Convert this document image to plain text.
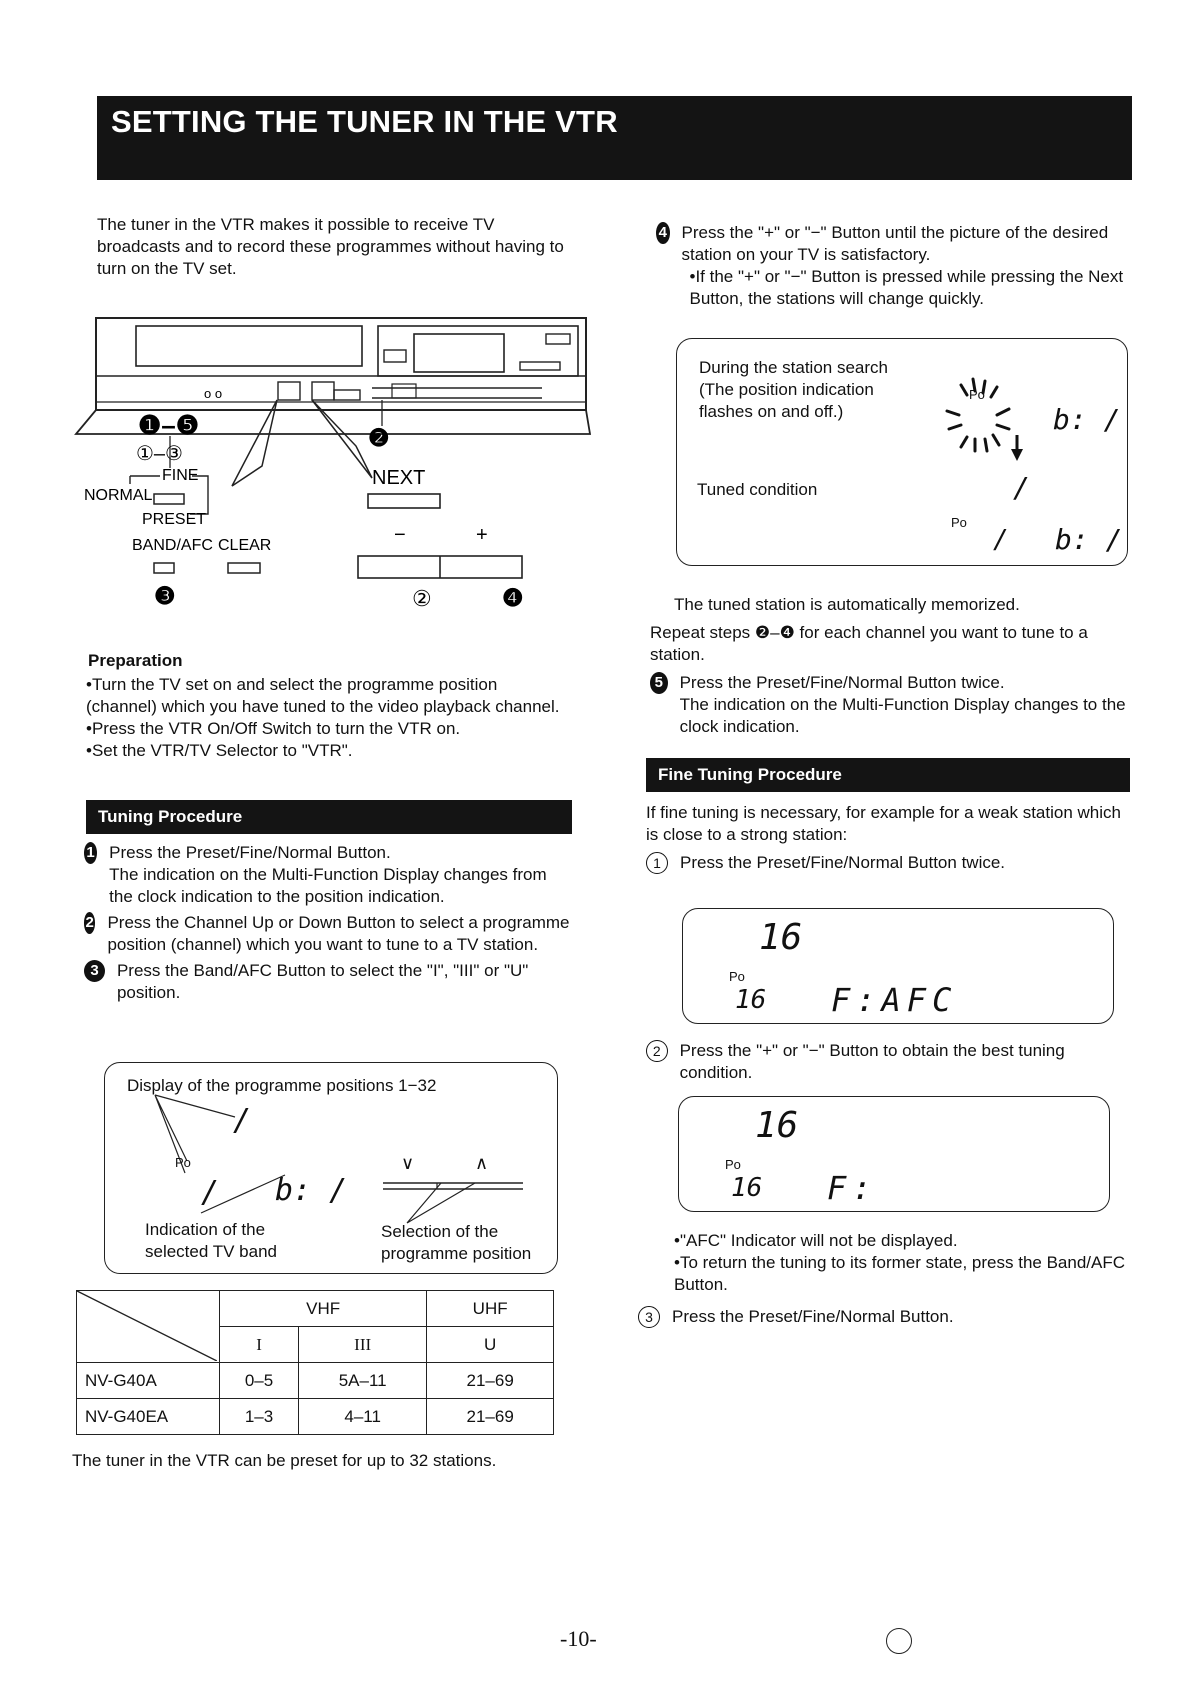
SETTING THE TUNER IN THE VTR
The tuner in the VTR makes it possible to receive TV broadcasts and to record these programmes without having to turn on the TV set.
o o
❶–❺
①–③
❷
FINE
NORMAL
PRESET
BAND/AFC CLEAR
NEXT
−	+
❸	②	❹
Preparation
•Turn the TV set on and select the programme position (channel) which you have tuned to the video playback channel.
•Press the VTR On/Off Switch to turn the VTR on.
•Set the VTR/TV Selector to "VTR".
Tuning Procedure
1 Press the Preset/Fine/Normal Button.
The indication on the Multi-Function Display changes from the clock indication to the position indication.
2 Press the Channel Up or Down Button to select a programme position (channel) which you want to tune to a TV station.
3	Press the Band/AFC Button to select the "I", "III" or "U" position.
Display of the programme positions 1−32
/
Po
/ b: /
∨	∧
Indication of the selected TV band
Selection of the programme position
	VHF		UHF
	I	III	U
NV-G40A	0–5	5A–11	21–69
NV-G40EA	1–3	4–11	21–69
The tuner in the VTR can be preset for up to 32 stations.
4 Press the "+" or "−" Button until the picture of the desired station on your TV is satisfactory.
•If the "+" or "−" Button is pressed while pressing the Next Button, the stations will change quickly.
During the station search
(The position indication
flashes on and off.)
Tuned condition
Po
b: /
/
Po
/ b: /
The tuned station is automatically memorized.
Repeat steps ❷–❹ for each channel you want to tune to a station.
5 Press the Preset/Fine/Normal Button twice.
The indication on the Multi-Function Display changes to the clock indication.
Fine Tuning Procedure
If fine tuning is necessary, for example for a weak station which is close to a strong station:
1	Press the Preset/Fine/Normal Button twice.
16
Po
16 F:AFC
2	Press the "+" or "−" Button to obtain the best tuning condition.
16
Po
16 F:
•"AFC" Indicator will not be displayed.
•To return the tuning to its former state, press the Band/AFC Button.
3	Press the Preset/Fine/Normal Button.
-10-
